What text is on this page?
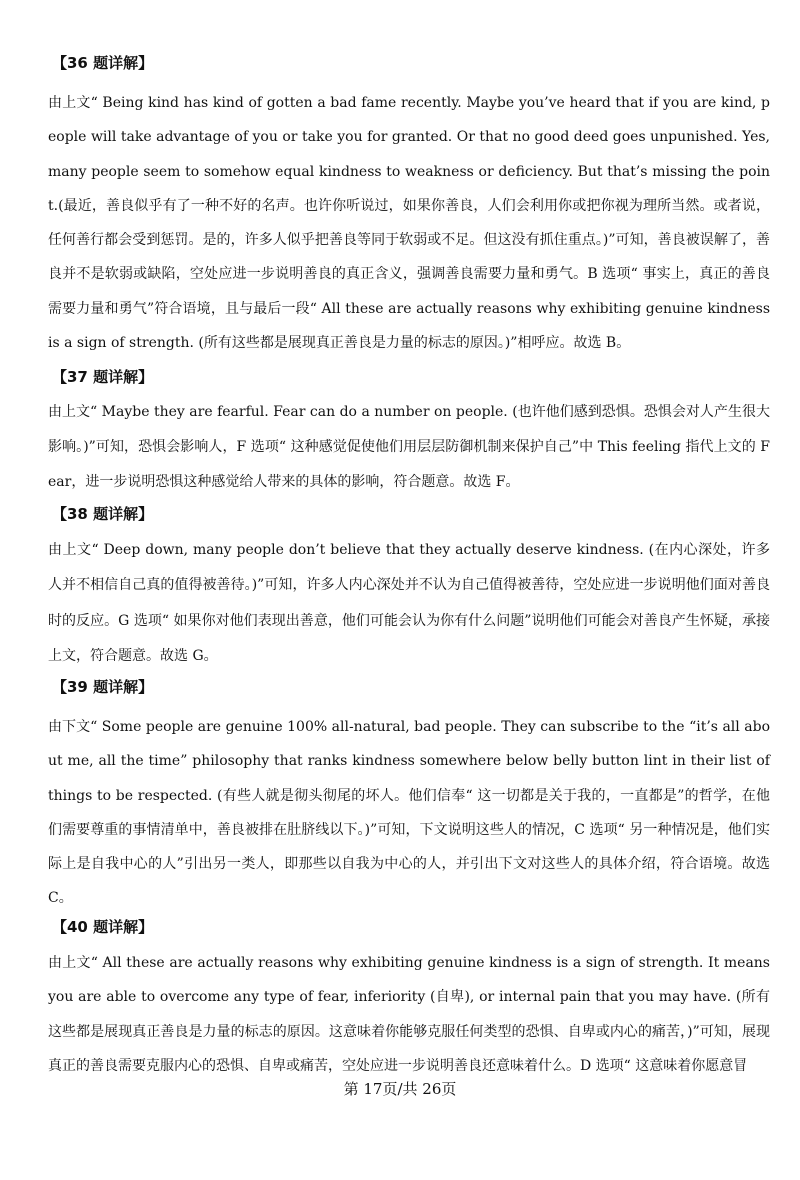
【36 题详解】

由上文“ Being kind has kind of gotten a bad fame recently. Maybe you’ve heard that if you are kind, people will take advantage of you or take you for granted. Or that no good deed goes unpunished. Yes, many people seem to somehow equal kindness to weakness or deficiency. But that’s missing the point.(最近，善良似乎有了一种不好的名声。也许你听说过，如果你善良，人们会利用你或把你视为理所当然。或者说，任何善行都会受到惩罚。是的，许多人似乎把善良等同于软弱或不足。但这没有抓住重点。)”可知，善良被误解了，善良并不是软弱或缺陷，空处应进一步说明善良的真正含义，强调善良需要力量和勇气。B 选项“ 事实上，真正的善良需要力量和勇气”符合语境，且与最后一段“ All these are actually reasons why exhibiting genuine kindness is a sign of strength. (所有这些都是展现真正善良是力量的标志的原因。)”相呼应。故选 B。

【37 题详解】

由上文“ Maybe they are fearful. Fear can do a number on people. (也许他们感到恐惧。恐惧会对人产生很大影响。)”可知，恐惧会影响人，F 选项“ 这种感觉促使他们用层层防御机制来保护自己”中 This feeling 指代上文的 Fear，进一步说明恐惧这种感觉给人带来的具体的影响，符合题意。故选 F。

【38 题详解】

由上文“ Deep down, many people don’t believe that they actually deserve kindness. (在内心深处，许多人并不相信自己真的值得被善待。)”可知，许多人内心深处并不认为自己值得被善待，空处应进一步说明他们面对善良时的反应。G 选项“ 如果你对他们表现出善意，他们可能会认为你有什么问题”说明他们可能会对善良产生怀疑，承接上文，符合题意。故选 G。

【39 题详解】

由下文“ Some people are genuine 100% all-natural, bad people. They can subscribe to the “it’s all about me, all the time” philosophy that ranks kindness somewhere below belly button lint in their list of things to be respected. (有些人就是彻头彻尾的坏人。他们信奉“ 这一切都是关于我的，一直都是”的哲学，在他们需要尊重的事情清单中，善良被排在肚脐线以下。)”可知，下文说明这些人的情况，C 选项“ 另一种情况是，他们实际上是自我中心的人”引出另一类人，即那些以自我为中心的人，并引出下文对这些人的具体介绍，符合语境。故选 C。

【40 题详解】

由上文“ All these are actually reasons why exhibiting genuine kindness is a sign of strength. It means you are able to overcome any type of fear, inferiority (自卑), or internal pain that you may have. (所有这些都是展现真正善良是力量的标志的原因。这意味着你能够克服任何类型的恐惧、自卑或内心的痛苦，)”可知，展现真正的善良需要克服内心的恐惧、自卑或痛苦，空处应进一步说明善良还意味着什么。D 选项“ 这意味着你愿意冒

第 17页/共 26页
